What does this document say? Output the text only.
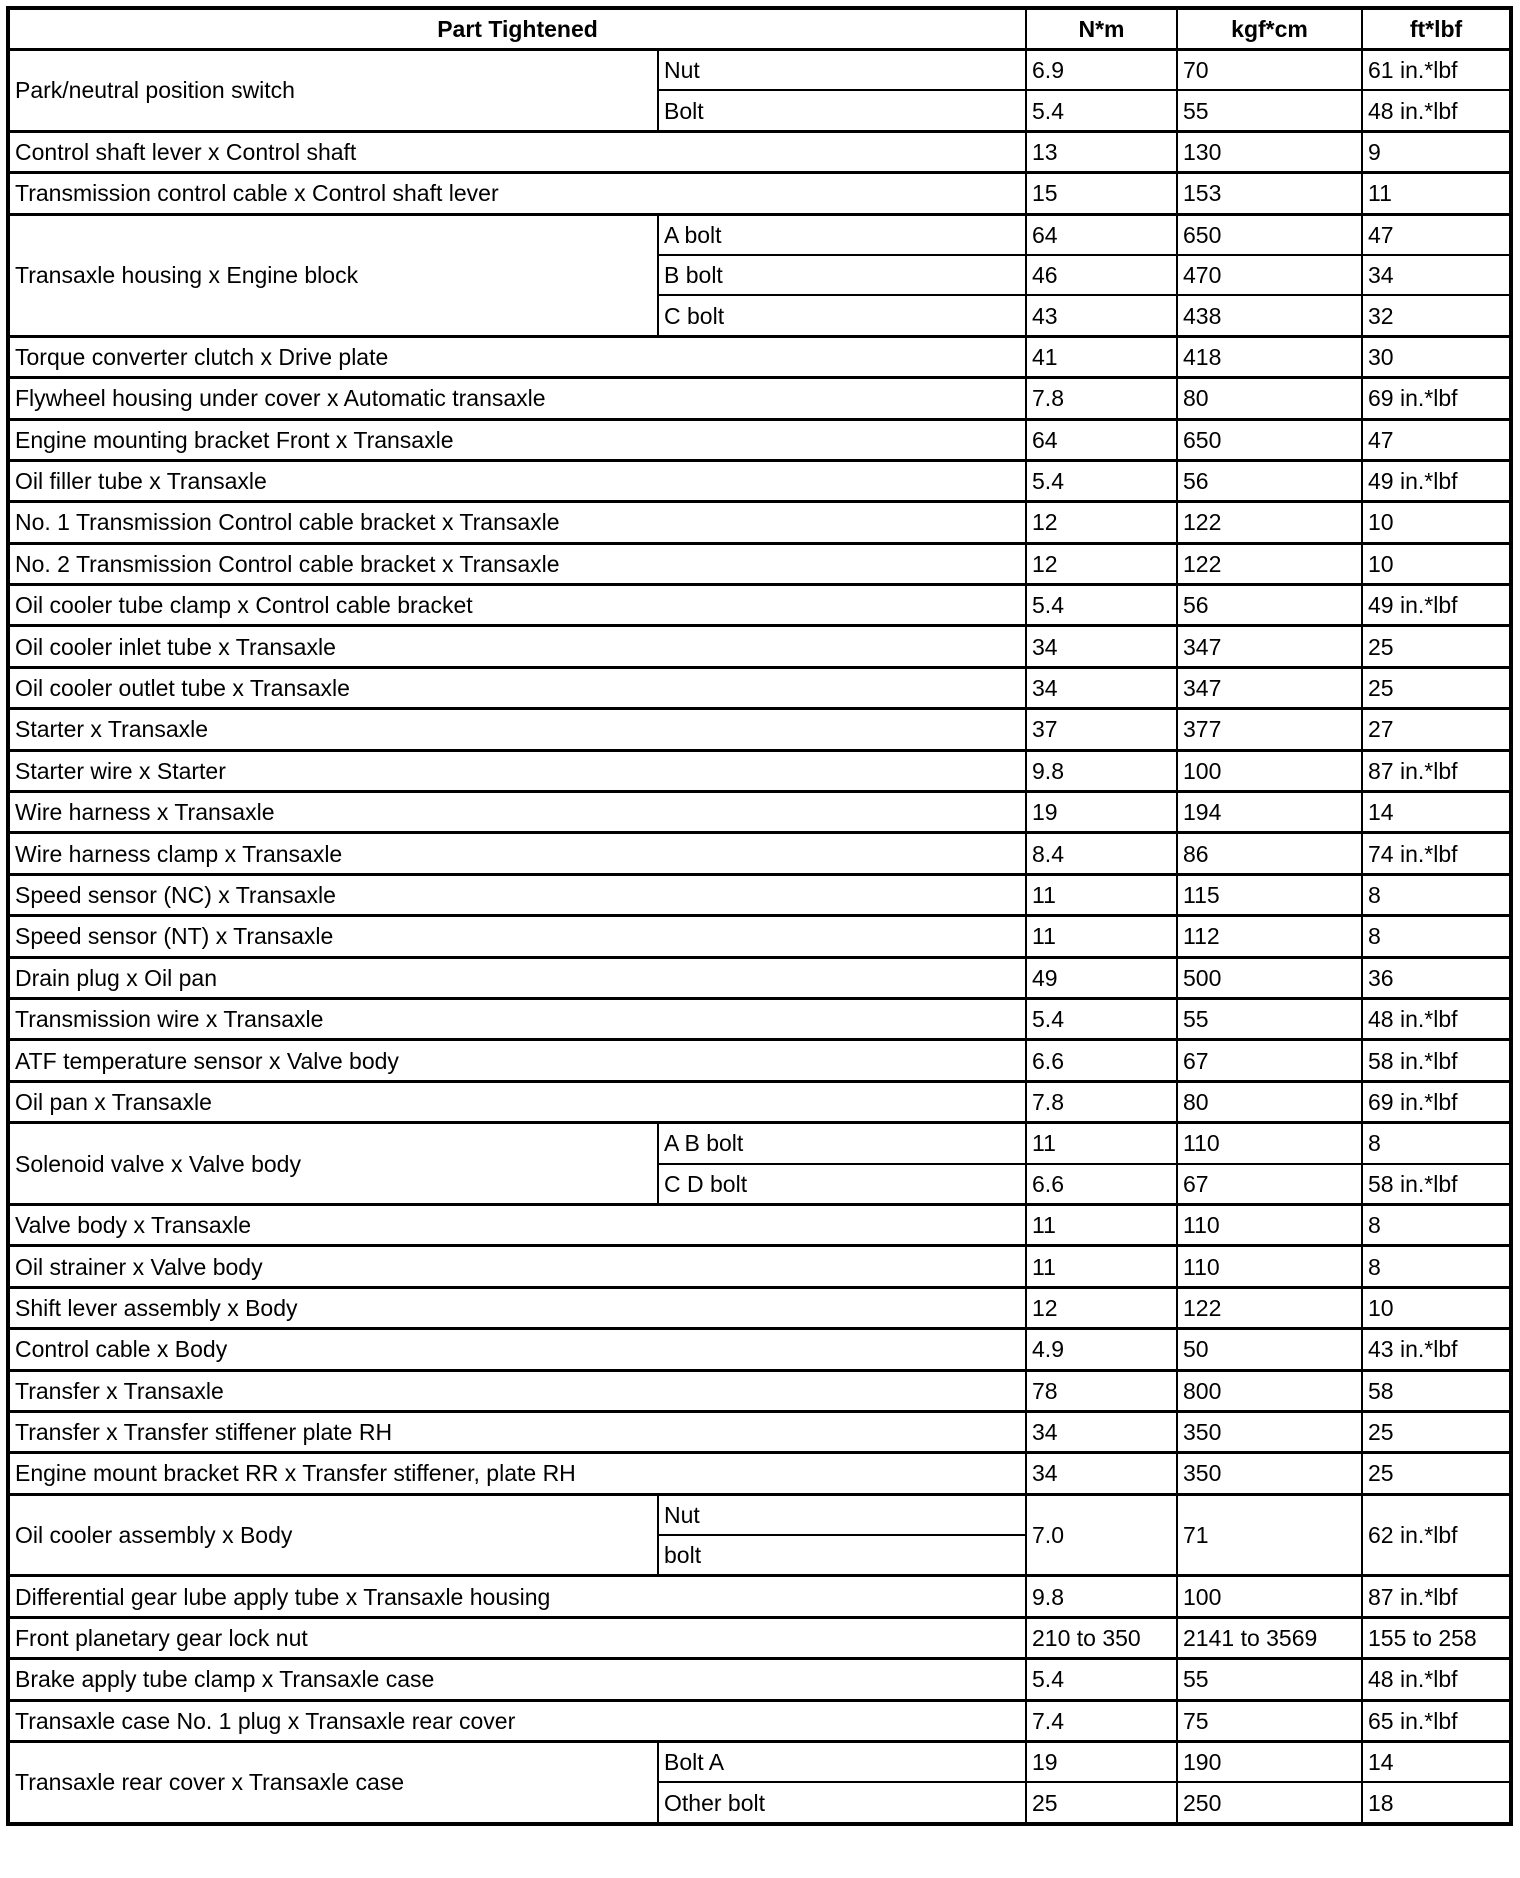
Part Tightened		N*m	kgf*cm	ft*lbf
Park/neutral position switch	Nut	6.9	70	61 in.*lbf
	Bolt	5.4	55	48 in.*lbf
Control shaft lever x Control shaft		13	130	9
Transmission control cable x Control shaft lever		15	153	11
Transaxle housing x Engine block	A bolt	64	650	47
	B bolt	46	470	34
	C bolt	43	438	32
Torque converter clutch x Drive plate		41	418	30
Flywheel housing under cover x Automatic transaxle		7.8	80	69 in.*lbf
Engine mounting bracket Front x Transaxle		64	650	47
Oil filler tube x Transaxle		5.4	56	49 in.*lbf
No. 1 Transmission Control cable bracket x Transaxle		12	122	10
No. 2 Transmission Control cable bracket x Transaxle		12	122	10
Oil cooler tube clamp x Control cable bracket		5.4	56	49 in.*lbf
Oil cooler inlet tube x Transaxle		34	347	25
Oil cooler outlet tube x Transaxle		34	347	25
Starter x Transaxle		37	377	27
Starter wire x Starter		9.8	100	87 in.*lbf
Wire harness x Transaxle		19	194	14
Wire harness clamp x Transaxle		8.4	86	74 in.*lbf
Speed sensor (NC) x Transaxle		11	115	8
Speed sensor (NT) x Transaxle		11	112	8
Drain plug x Oil pan		49	500	36
Transmission wire x Transaxle		5.4	55	48 in.*lbf
ATF temperature sensor x Valve body		6.6	67	58 in.*lbf
Oil pan x Transaxle		7.8	80	69 in.*lbf
Solenoid valve x Valve body	A B bolt	11	110	8
	C D bolt	6.6	67	58 in.*lbf
Valve body x Transaxle		11	110	8
Oil strainer x Valve body		11	110	8
Shift lever assembly x Body		12	122	10
Control cable x Body		4.9	50	43 in.*lbf
Transfer x Transaxle		78	800	58
Transfer x Transfer stiffener plate RH		34	350	25
Engine mount bracket RR x Transfer stiffener, plate RH		34	350	25
Oil cooler assembly x Body	Nut	7.0	71	62 in.*lbf
	bolt			
Differential gear lube apply tube x Transaxle housing		9.8	100	87 in.*lbf
Front planetary gear lock nut		210 to 350	2141 to 3569	155 to 258
Brake apply tube clamp x Transaxle case		5.4	55	48 in.*lbf
Transaxle case No. 1 plug x Transaxle rear cover		7.4	75	65 in.*lbf
Transaxle rear cover x Transaxle case	Bolt A	19	190	14
	Other bolt	25	250	18
